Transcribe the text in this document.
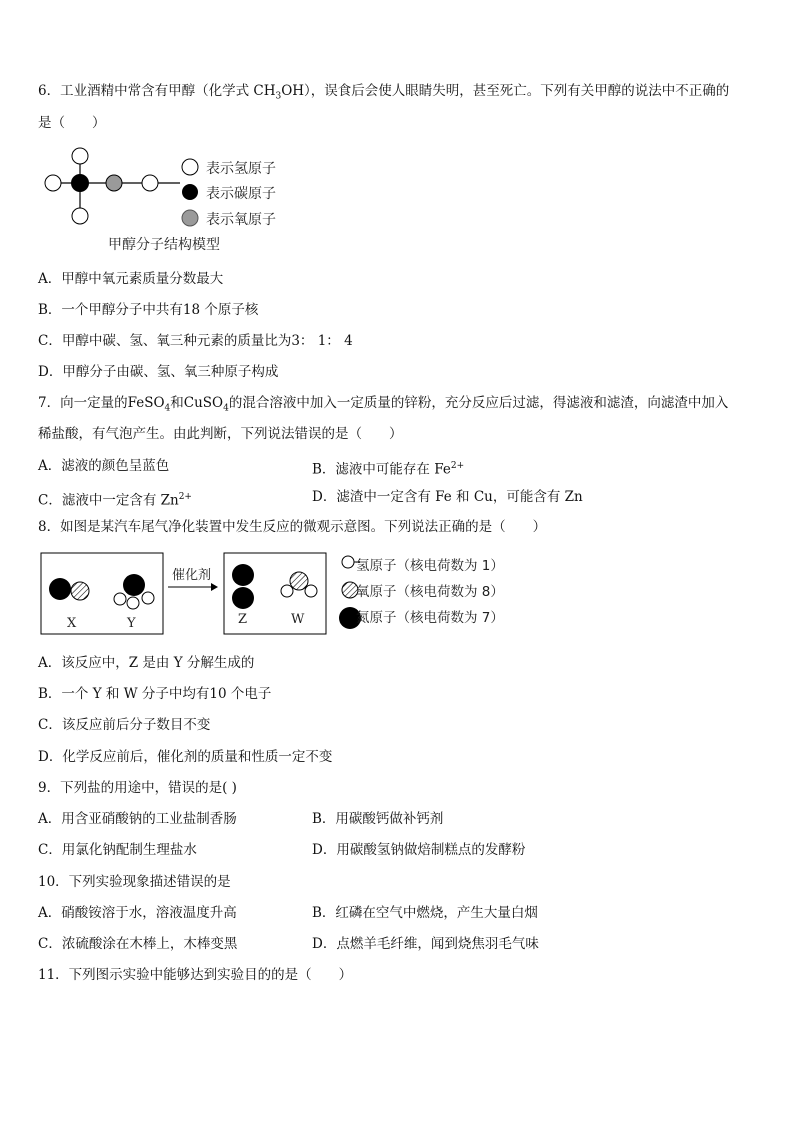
6．工业酒精中常含有甲醇（化学式 $CH_3OH$），误食后会使人眼睛失明，甚至死亡。下列有关甲醇的说法中不正确的
是（　　）
表示氢原子
表示碳原子
表示氧原子
甲醇分子结构模型
A．甲醇中氧元素质量分数最大
B．一个甲醇分子中共有18 个原子核
C．甲醇中碳、氢、氧三种元素的质量比为3： 1： 4
D．甲醇分子由碳、氢、氧三种原子构成
7．向一定量的FeSO$_4$和CuSO$_4$的混合溶液中加入一定质量的锌粉，充分反应后过滤，得滤液和滤渣，向滤渣中加入
稀盐酸，有气泡产生。由此判断，下列说法错误的是（　　）
A．滤液的颜色呈蓝色	B．滤液中可能存在 $Fe^{2+}$
C．滤液中一定含有 $Zn^{2+}$	D．滤渣中一定含有 Fe 和 Cu，可能含有 Zn
8．如图是某汽车尾气净化装置中发生反应的微观示意图。下列说法正确的是（　　）
催化剂
X	Y	Z	W
氢原子（核电荷数为 1）
氧原子（核电荷数为 8）
氮原子（核电荷数为 7）
A．该反应中，Z 是由 Y 分解生成的
B．一个 Y 和 W 分子中均有10 个电子
C．该反应前后分子数目不变
D．化学反应前后，催化剂的质量和性质一定不变
9．下列盐的用途中，错误的是( )
A．用含亚硝酸钠的工业盐制香肠	B．用碳酸钙做补钙剂
C．用氯化钠配制生理盐水	D．用碳酸氢钠做焙制糕点的发酵粉
10．下列实验现象描述错误的是
A．硝酸铵溶于水，溶液温度升高	B．红磷在空气中燃烧，产生大量白烟
C．浓硫酸涂在木棒上，木棒变黑	D．点燃羊毛纤维，闻到烧焦羽毛气味
11．下列图示实验中能够达到实验目的的是（　　）
